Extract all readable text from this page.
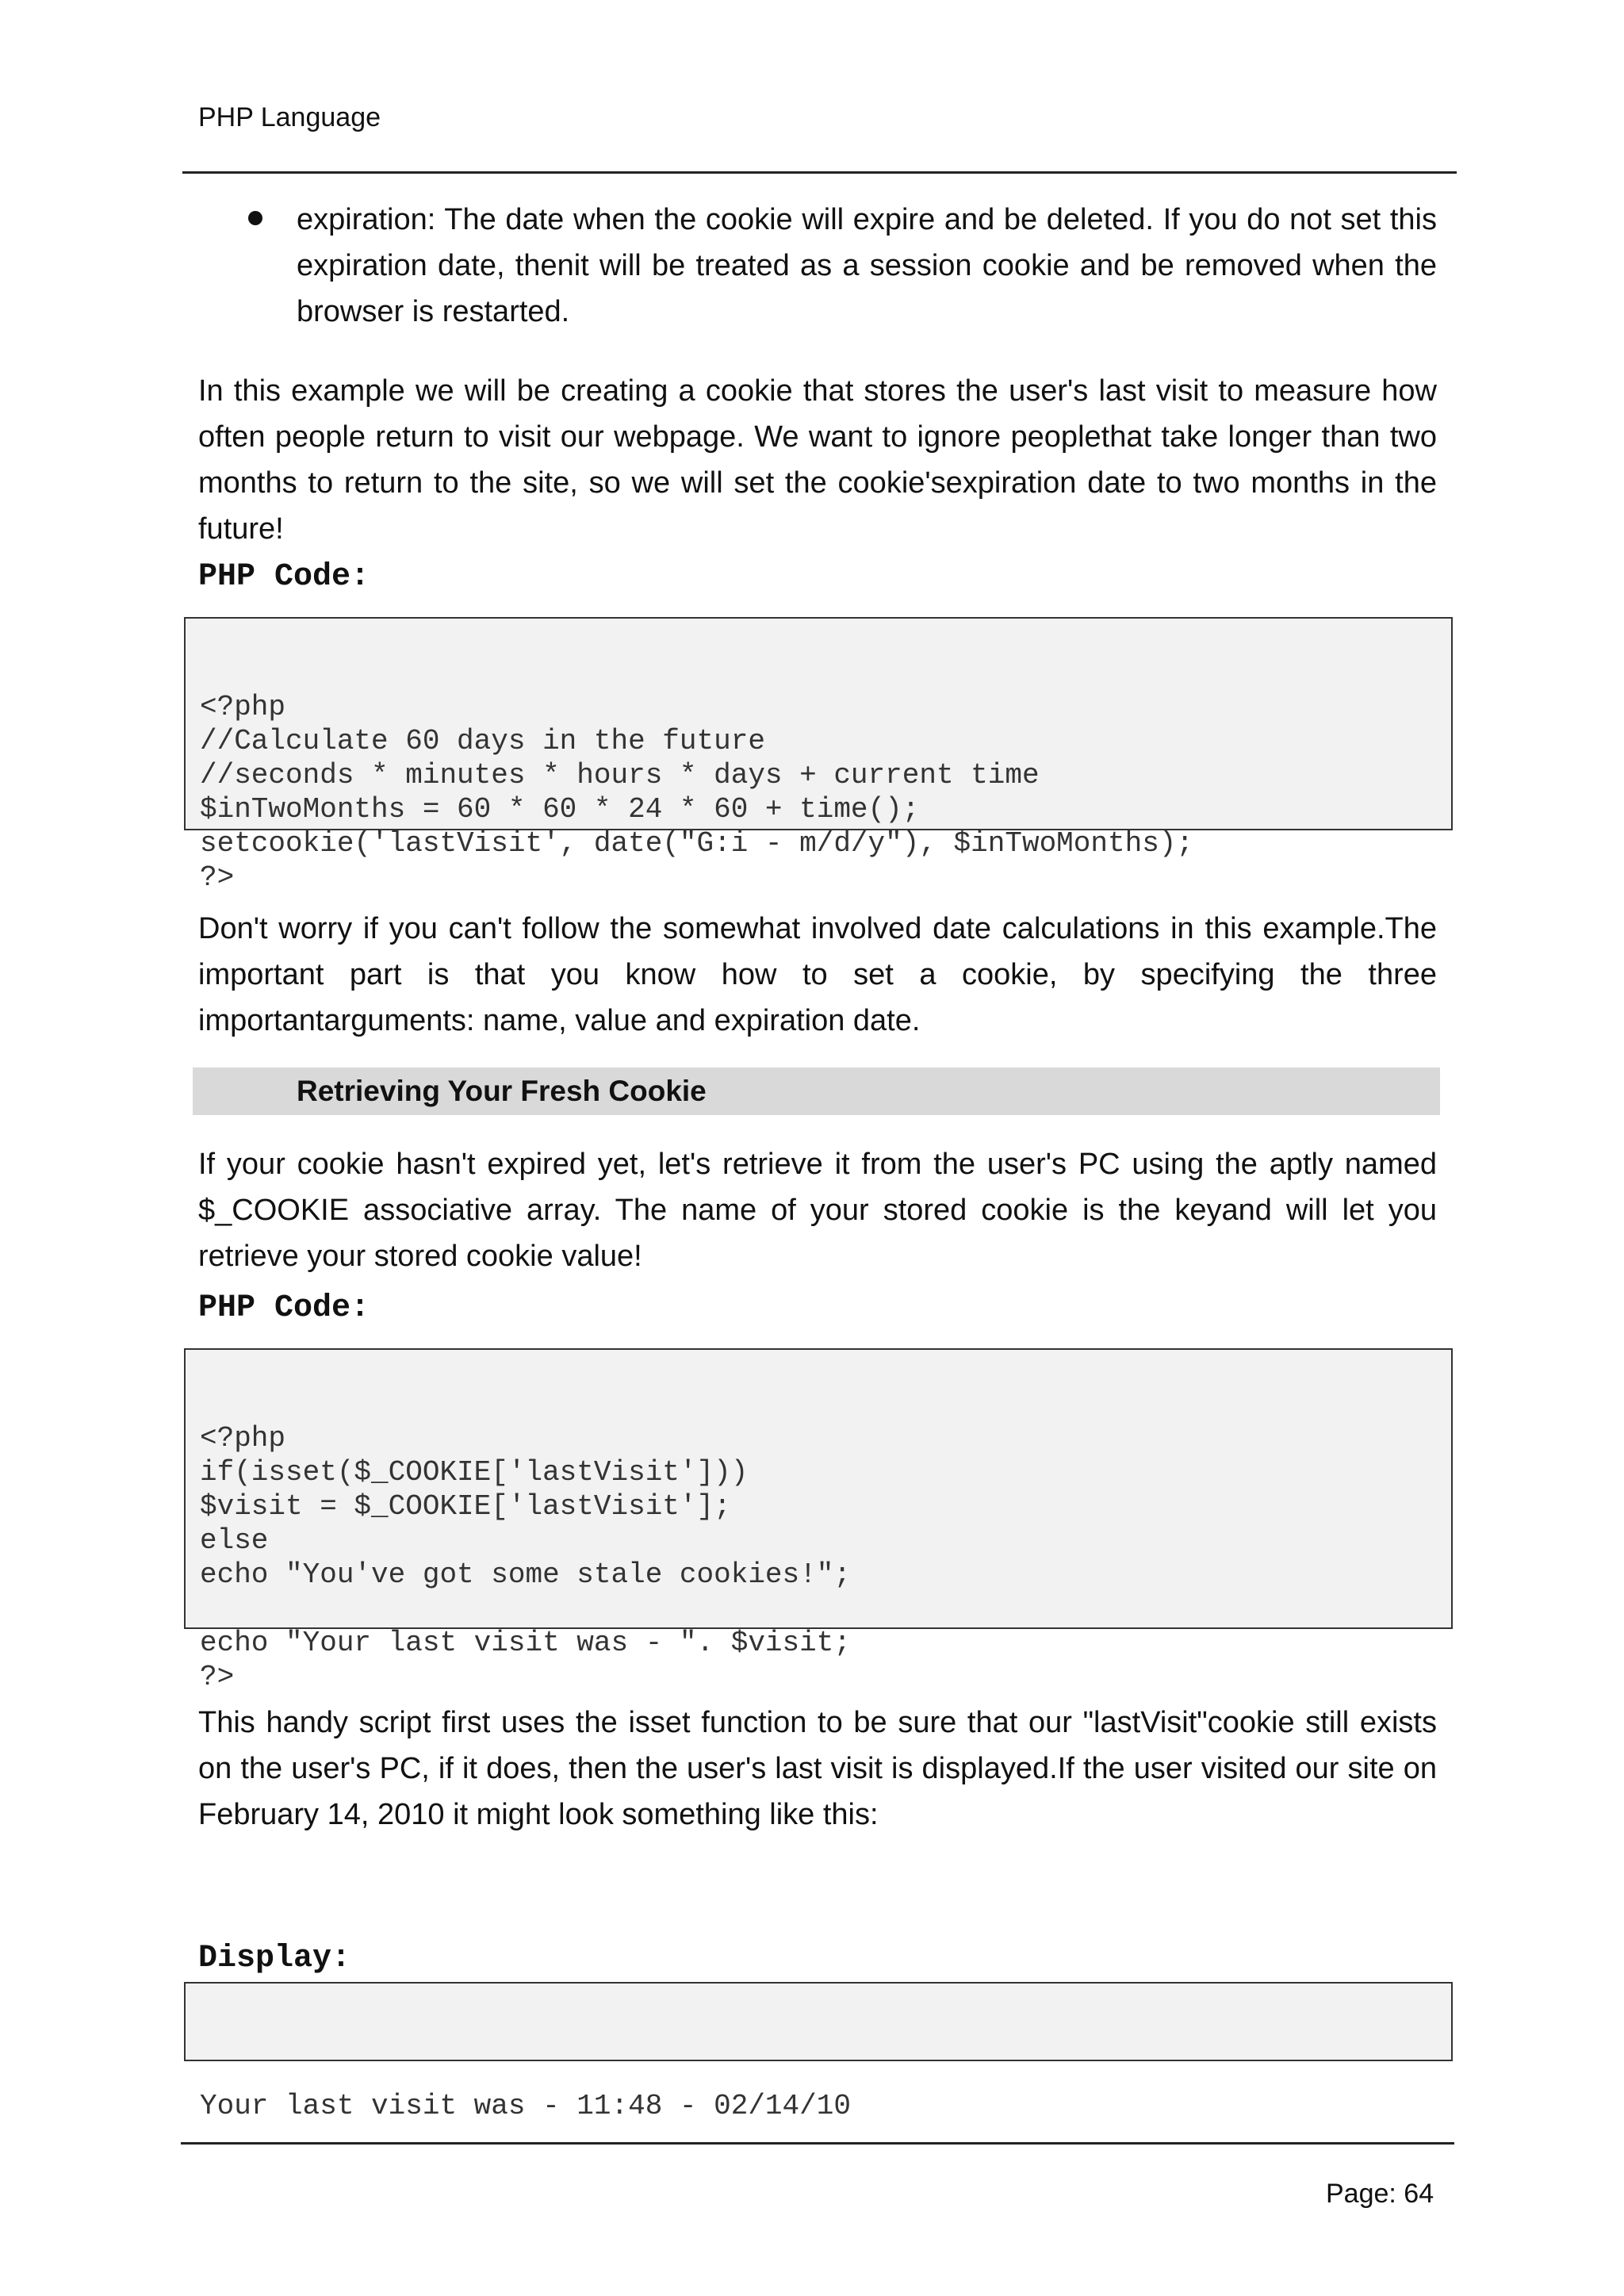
PHP Language

expiration: The date when the cookie will expire and be deleted. If you do not set this expiration date, thenit will be treated as a session cookie and be removed when the browser is restarted.

In this example we will be creating a cookie that stores the user's last visit to measure how often people return to visit our webpage. We want to ignore peoplethat take longer than two months to return to the site, so we will set the cookie'sexpiration date to two months in the future!

PHP Code:

<?php
//Calculate 60 days in the future
//seconds * minutes * hours * days + current time
$inTwoMonths = 60 * 60 * 24 * 60 + time();
setcookie('lastVisit', date("G:i - m/d/y"), $inTwoMonths);
?>

Don't worry if you can't follow the somewhat involved date calculations in this example.The important part is that you know how to set a cookie, by specifying the three importantarguments: name, value and expiration date.

Retrieving Your Fresh Cookie

If your cookie hasn't expired yet, let's retrieve it from the user's PC using the aptly named $_COOKIE associative array. The name of your stored cookie is the keyand will let you retrieve your stored cookie value!

PHP Code:

<?php
if(isset($_COOKIE['lastVisit']))
$visit = $_COOKIE['lastVisit'];
else
echo "You've got some stale cookies!";
echo "Your last visit was - ". $visit;
?>

This handy script first uses the isset function to be sure that our "lastVisit"cookie still exists on the user's PC, if it does, then the user's last visit is displayed.If the user visited our site on February 14, 2010 it might look something like this:

Display:

Your last visit was - 11:48 - 02/14/10

Page: 64
